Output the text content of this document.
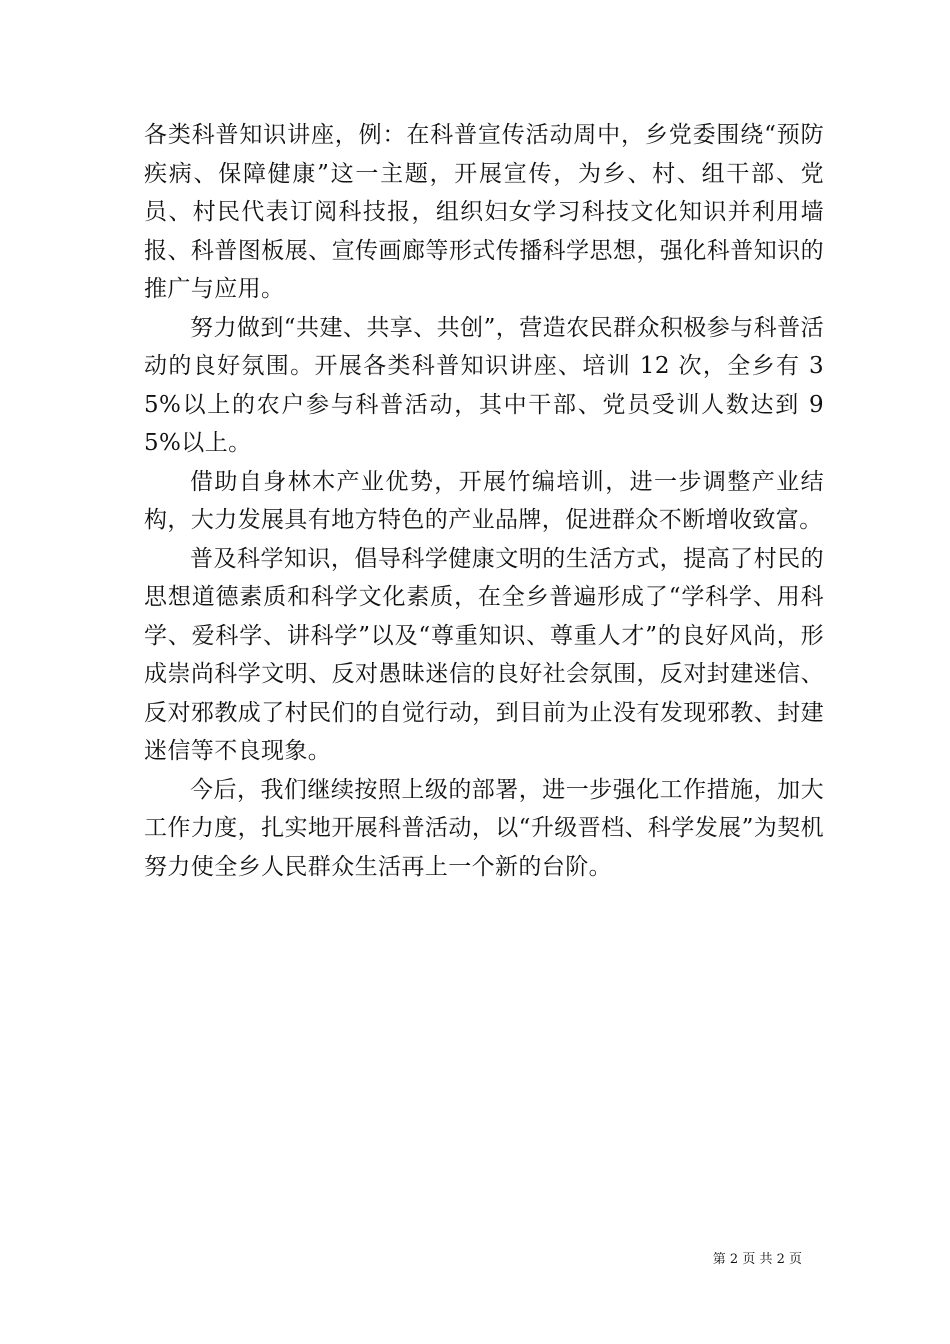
各类科普知识讲座，例：在科普宣传活动周中，乡党委围绕“预防疾病、保障健康”这一主题，开展宣传，为乡、村、组干部、党员、村民代表订阅科技报，组织妇女学习科技文化知识并利用墙报、科普图板展、宣传画廊等形式传播科学思想，强化科普知识的推广与应用。

努力做到“共建、共享、共创”，营造农民群众积极参与科普活动的良好氛围。开展各类科普知识讲座、培训 12 次，全乡有 35%以上的农户参与科普活动，其中干部、党员受训人数达到 95%以上。

借助自身林木产业优势，开展竹编培训，进一步调整产业结构，大力发展具有地方特色的产业品牌，促进群众不断增收致富。

普及科学知识，倡导科学健康文明的生活方式，提高了村民的思想道德素质和科学文化素质，在全乡普遍形成了“学科学、用科学、爱科学、讲科学”以及“尊重知识、尊重人才”的良好风尚，形成崇尚科学文明、反对愚昧迷信的良好社会氛围，反对封建迷信、反对邪教成了村民们的自觉行动，到目前为止没有发现邪教、封建迷信等不良现象。

今后，我们继续按照上级的部署，进一步强化工作措施，加大工作力度，扎实地开展科普活动，以“升级晋档、科学发展”为契机努力使全乡人民群众生活再上一个新的台阶。

第 2 页 共 2 页
